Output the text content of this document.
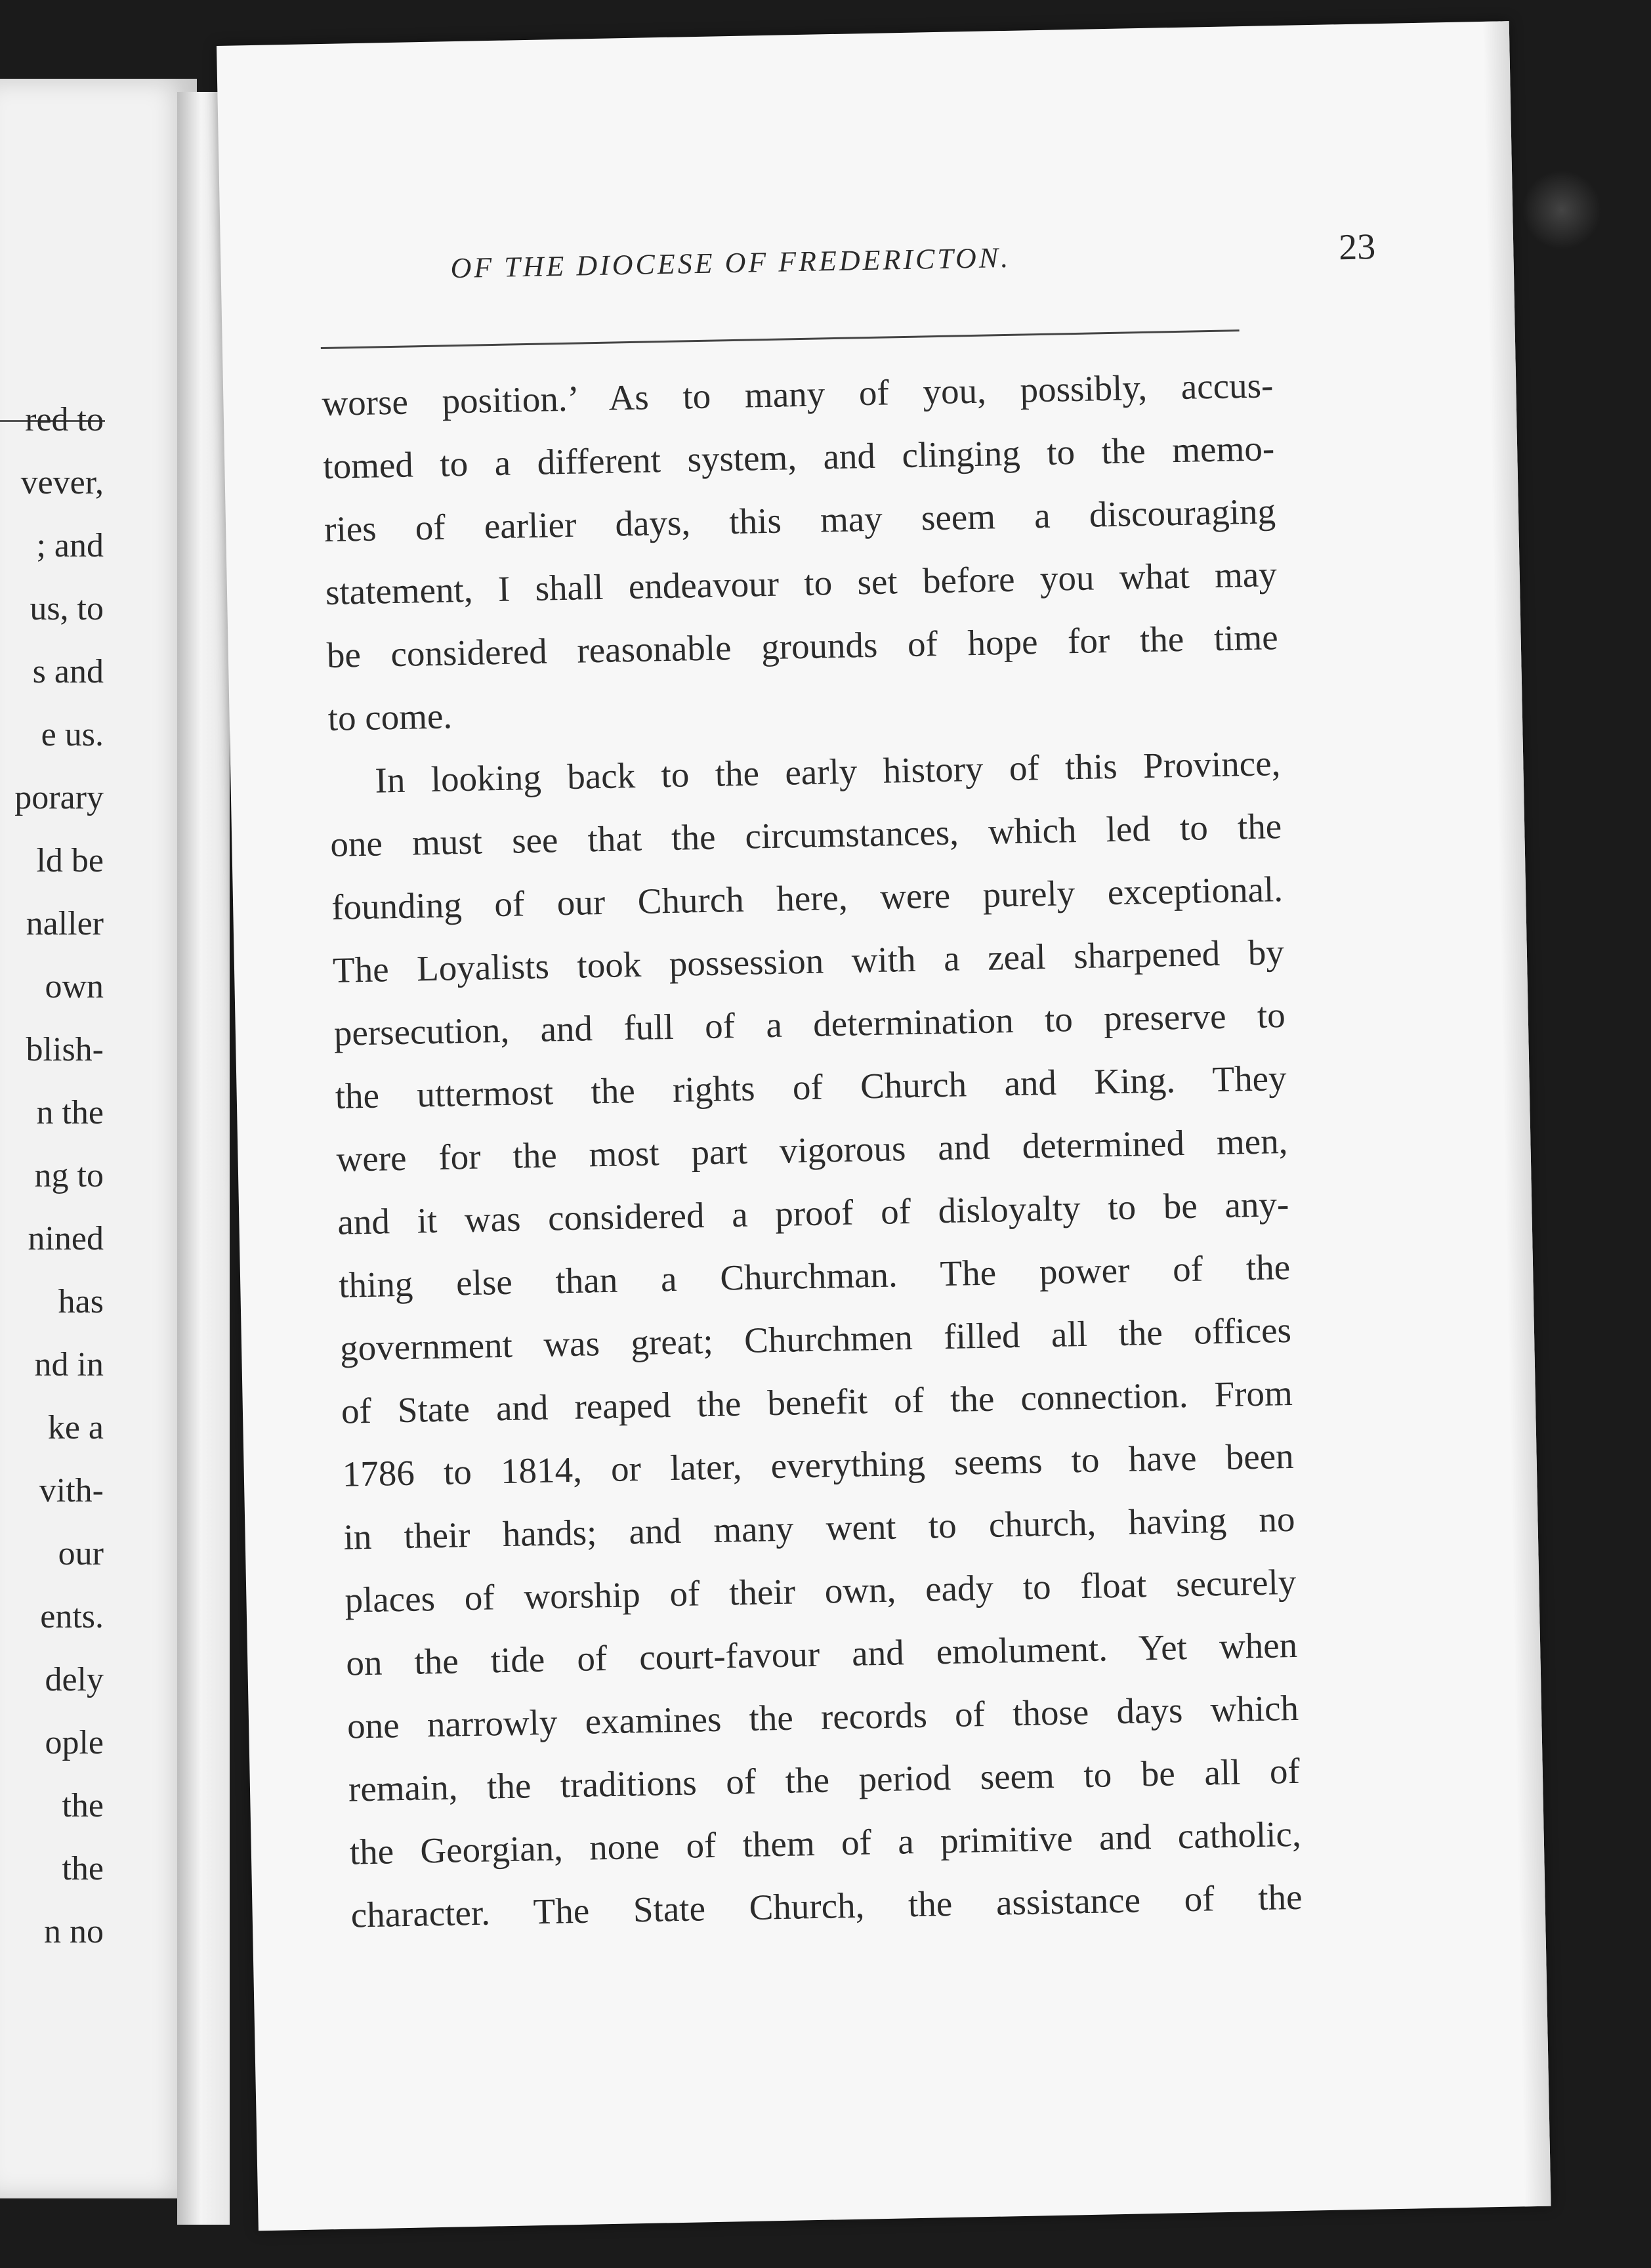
red to
vever,
; and
us, to
s and
e us.
porary
ld be
naller
own
blish-
n the
ng to
nined
has
nd in
ke a
vith-
our
ents.
dely
ople
the
the
n no
OF THE DIOCESE OF FREDERICTON.	23
worse position.’ As to many of you, possibly, accus-
tomed to a different system, and clinging to the memo-
ries of earlier days, this may seem a discouraging
statement, I shall endeavour to set before you what may
be considered reasonable grounds of hope for the time
to come.
In looking back to the early history of this Province,
one must see that the circumstances, which led to the
founding of our Church here, were purely exceptional.
The Loyalists took possession with a zeal sharpened by
persecution, and full of a determination to preserve to
the uttermost the rights of Church and King. They
were for the most part vigorous and determined men,
and it was considered a proof of disloyalty to be any-
thing else than a Churchman. The power of the
government was great; Churchmen filled all the offices
of State and reaped the benefit of the connection. From
1786 to 1814, or later, everything seems to have been
in their hands; and many went to church, having no
places of worship of their own, eady to float securely
on the tide of court-favour and emolument. Yet when
one narrowly examines the records of those days which
remain, the traditions of the period seem to be all of
the Georgian, none of them of a primitive and catholic,
character. The State Church, the assistance of the
